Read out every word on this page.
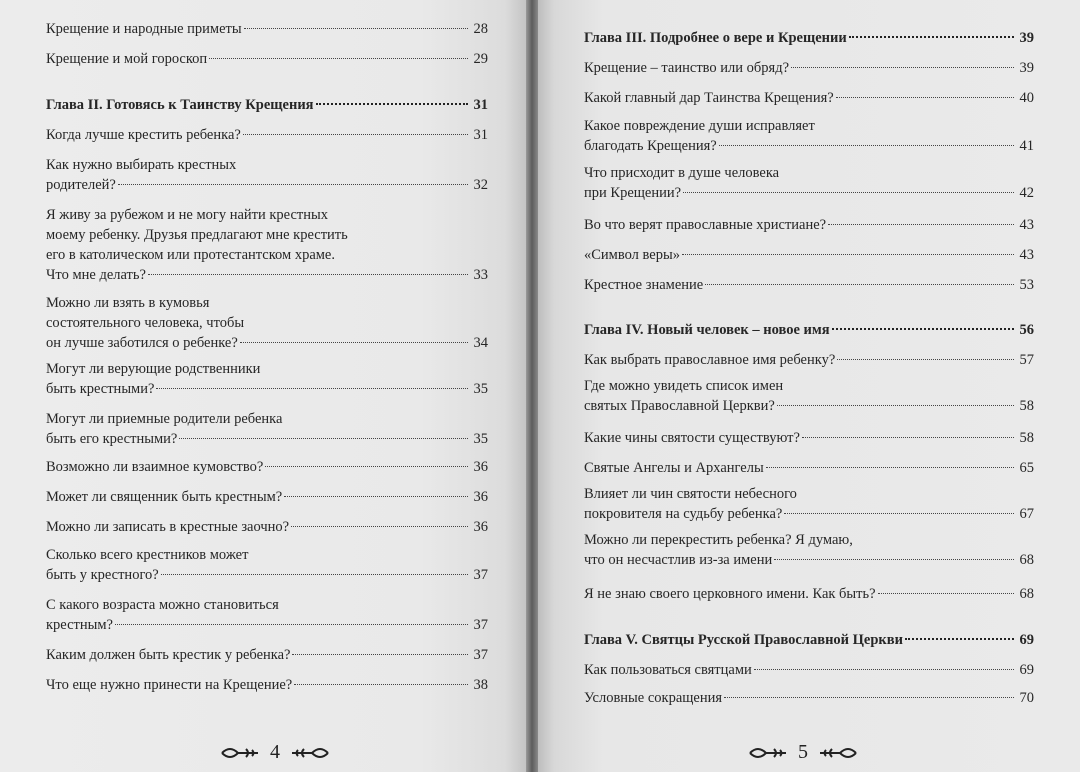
Крещение и народные приметы	28
Крещение и мой гороскоп	29
Глава II. Готовясь к Таинству Крещения	31
Когда лучше крестить ребенка?	31
Как нужно выбирать крестных
родителей?	32
Я живу за рубежом и не могу найти крестных
моему ребенку. Друзья предлагают мне крестить
его в католическом или протестантском храме.
Что мне делать?	33
Можно ли взять в кумовья
состоятельного человека, чтобы
он лучше заботился о ребенке?	34
Могут ли верующие родственники
быть крестными?	35
Могут ли приемные родители ребенка
быть его крестными?	35
Возможно ли взаимное кумовство?	36
Может ли священник быть крестным?	36
Можно ли записать в крестные заочно?	36
Сколько всего крестников может
быть у крестного?	37
С какого возраста можно становиться
крестным?	37
Каким должен быть крестик у ребенка?	37
Что еще нужно принести на Крещение?	38
4
Глава III. Подробнее о вере и Крещении	39
Крещение – таинство или обряд?	39
Какой главный дар Таинства Крещения?	40
Какое повреждение души исправляет
благодать Крещения?	41
Что присходит в душе человека
при Крещении?	42
Во что верят православные христиане?	43
«Символ веры»	43
Крестное знамение	53
Глава IV. Новый человек – новое имя	56
Как выбрать православное имя ребенку?	57
Где можно увидеть список имен
святых Православной Церкви?	58
Какие чины святости существуют?	58
Святые Ангелы и Архангелы	65
Влияет ли чин святости небесного
покровителя на судьбу ребенка?	67
Можно ли перекрестить ребенка? Я думаю,
что он несчастлив из-за имени	68
Я не знаю своего церковного имени. Как быть?	68
Глава V. Святцы Русской Православной Церкви	69
Как пользоваться святцами	69
Условные сокращения	70
5
